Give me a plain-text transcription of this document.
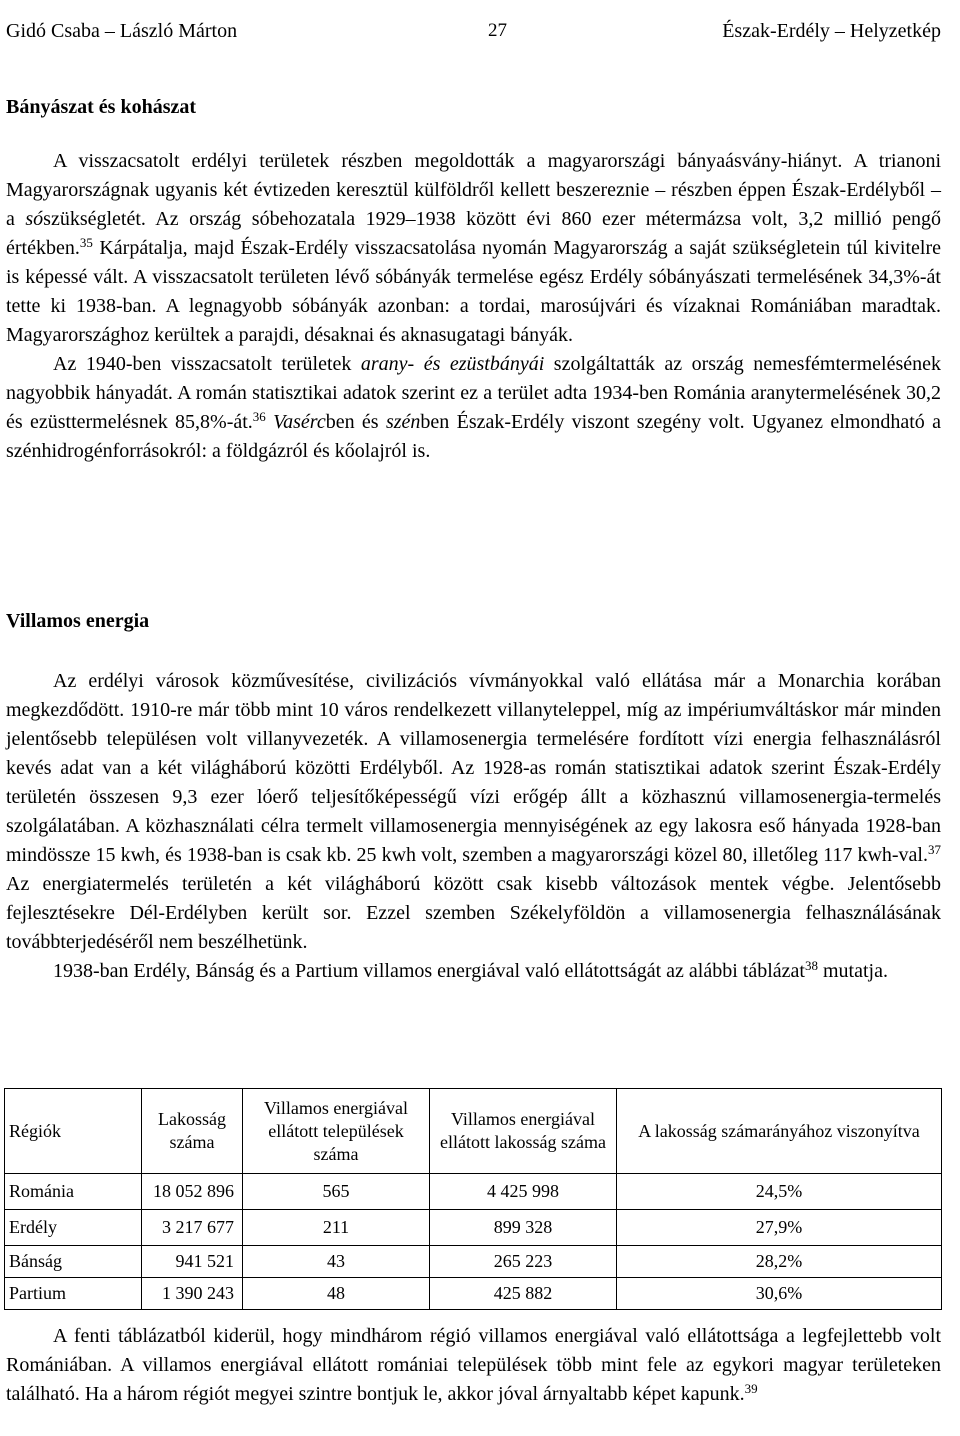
Gidó Csaba – László Márton	27	Észak-Erdély – Helyzetkép
Bányászat és kohászat

A visszacsatolt erdélyi területek részben megoldották a magyarországi bányaásvány-hiányt. A trianoni Magyarországnak ugyanis két évtizeden keresztül külföldről kellett beszereznie – részben éppen Észak-Erdélyből – a sószükségletét. Az ország sóbehozatala 1929–1938 között évi 860 ezer métermázsa volt, 3,2 millió pengő értékben.$^{35}$ Kárpátalja, majd Észak-Erdély visszacsatolása nyomán Magyarország a saját szükségletein túl kivitelre is képessé vált. A visszacsatolt területen lévő sóbányák termelése egész Erdély sóbányászati termelésének 34,3%-át tette ki 1938-ban. A legnagyobb sóbányák azonban: a tordai, marosújvári és vízaknai Romániában maradtak. Magyarországhoz kerültek a parajdi, désaknai és aknasugatagi bányák.

Az 1940-ben visszacsatolt területek arany- és ezüstbányái szolgáltatták az ország nemesfémtermelésének nagyobbik hányadát. A román statisztikai adatok szerint ez a terület adta 1934-ben Románia aranytermelésének 30,2 és ezüsttermelésnek 85,8%-át.$^{36}$ Vasércben és szénben Észak-Erdély viszont szegény volt. Ugyanez elmondható a szénhidrogénforrásokról: a földgázról és kőolajról is.

Villamos energia

Az erdélyi városok közművesítése, civilizációs vívmányokkal való ellátása már a Monarchia korában megkezdődött. 1910-re már több mint 10 város rendelkezett villanyteleppel, míg az impériumváltáskor már minden jelentősebb településen volt villanyvezeték. A villamosenergia termelésére fordított vízi energia felhasználásról kevés adat van a két világháború közötti Erdélyből. Az 1928-as román statisztikai adatok szerint Észak-Erdély területén összesen 9,3 ezer lóerő teljesítőképességű vízi erőgép állt a közhasznú villamosenergia-termelés szolgálatában. A közhasználati célra termelt villamosenergia mennyiségének az egy lakosra eső hányada 1928-ban mindössze 15 kwh, és 1938-ban is csak kb. 25 kwh volt, szemben a magyarországi közel 80, illetőleg 117 kwh-val.$^{37}$ Az energiatermelés területén a két világháború között csak kisebb változások mentek végbe. Jelentősebb fejlesztésekre Dél-Erdélyben került sor. Ezzel szemben Székelyföldön a villamosenergia felhasználásának továbbterjedéséről nem beszélhetünk.

1938-ban Erdély, Bánság és a Partium villamos energiával való ellátottságát az alábbi táblázat$^{38}$ mutatja.

Régiók	Lakosság száma	Villamos energiával ellátott települések száma	Villamos energiával ellátott lakosság száma	A lakosság számarányához viszonyítva
Románia	18 052 896	565	4 425 998	24,5%
Erdély	3 217 677	211	899 328	27,9%
Bánság	941 521	43	265 223	28,2%
Partium	1 390 243	48	425 882	30,6%

A fenti táblázatból kiderül, hogy mindhárom régió villamos energiával való ellátottsága a legfejlettebb volt Romániában. A villamos energiával ellátott romániai települések több mint fele az egykori magyar területeken található. Ha a három régiót megyei szintre bontjuk le, akkor jóval árnyaltabb képet kapunk.$^{39}$
